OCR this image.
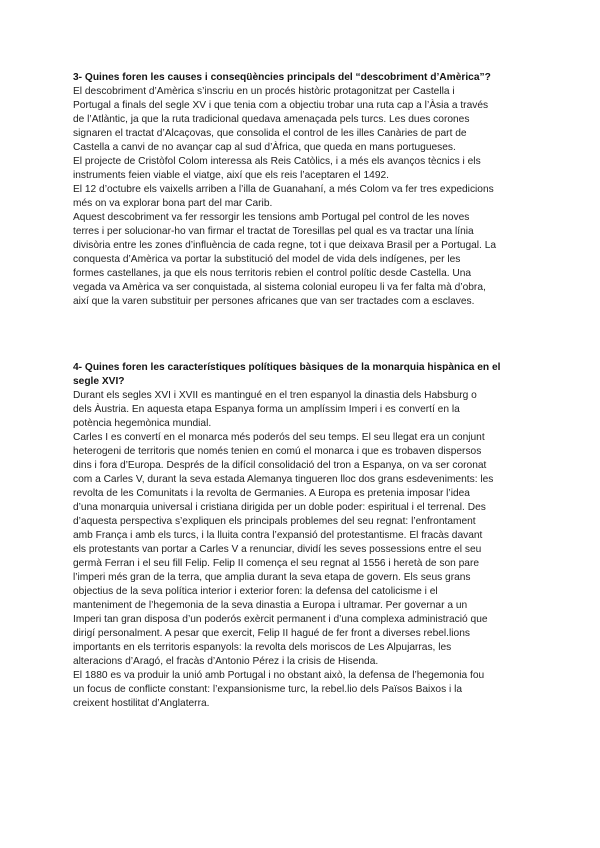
3- Quines foren les causes i conseqüències principals del “descobriment d’Amèrica”?

El descobriment d’Amèrica s’inscriu en un procés històric protagonitzat per Castella i

Portugal a finals del segle XV i que tenia com a objectiu trobar una ruta cap a l’Àsia a través

de l’Atlàntic, ja que la ruta tradicional quedava amenaçada pels turcs. Les dues corones

signaren el tractat d’Alcaçovas, que consolida el control de les illes Canàries de part de

Castella a canvi de no avançar cap al sud d’Àfrica, que queda en mans portugueses.

El projecte de Cristòfol Colom interessa als Reis Catòlics, i a més els avanços tècnics i els

instruments feien viable el viatge, així que els reis l’aceptaren el 1492.

El 12 d’octubre els vaixells arriben a l’illa de Guanahaní, a més Colom va fer tres expedicions

més on va explorar bona part del mar Carib.

Aquest descobriment va fer ressorgir les tensions amb Portugal pel control de les noves

terres i per solucionar-ho van firmar el tractat de Toresillas pel qual es va tractar una línia

divisòria entre les zones d’influència de cada regne, tot i que deixava Brasil per a Portugal. La

conquesta d’Amèrica va portar la substitució del model de vida dels indígenes, per les

formes castellanes, ja que els nous territoris rebien el control polític desde Castella. Una

vegada va Amèrica va ser conquistada, al sistema colonial europeu li va fer falta mà d’obra,

així que la varen substituir per persones africanes que van ser tractades com a esclaves.

4- Quines foren les característiques polítiques bàsiques de la monarquia hispànica en el

segle XVI?

Durant els segles XVI i XVII es mantingué en el tren espanyol la dinastia dels Habsburg o

dels Àustria. En aquesta etapa Espanya forma un amplíssim Imperi i es convertí en la

potència hegemònica mundial.

Carles I es convertí en el monarca més poderós del seu temps. El seu llegat era un conjunt

heterogeni de territoris que només tenien en comú el monarca i que es trobaven dispersos

dins i fora d’Europa. Després de la difícil consolidació del tron a Espanya, on va ser coronat

com a Carles V, durant la seva estada Alemanya tingueren lloc dos grans esdeveniments: les

revolta de les Comunitats i la revolta de Germanies. A Europa es pretenia imposar l’idea

d’una monarquia universal i cristiana dirigida per un doble poder: espiritual i el terrenal. Des

d’aquesta perspectiva s’expliquen els principals problemes del seu regnat: l’enfrontament

amb França i amb els turcs, i la lluita contra l’expansió del protestantisme. El fracàs davant

els protestants van portar a Carles V a renunciar, dividí les seves possessions entre el seu

germà Ferran i el seu fill Felip. Felip II comença el seu regnat al 1556 i heretà de son pare

l’imperi més gran de la terra, que amplia durant la seva etapa de govern. Els seus grans

objectius de la seva política interior i exterior foren: la defensa del catolicisme i el

manteniment de l’hegemonia de la seva dinastia a Europa i ultramar. Per governar a un

Imperi tan gran disposa d’un poderós exèrcit permanent i d’una complexa administració que

dirigí personalment. A pesar que exercit, Felip II hagué de fer front a diverses rebel.lions

importants en els territoris espanyols: la revolta dels moriscos de Les Alpujarras, les

alteracions d’Aragó, el fracàs d’Antonio Pérez i la crisis de Hisenda.

El 1880 es va produir la unió amb Portugal i no obstant això, la defensa de l’hegemonia fou

un focus de conflicte constant: l’expansionisme turc, la rebel.lio dels Països Baixos i la

creixent hostilitat d’Anglaterra.
